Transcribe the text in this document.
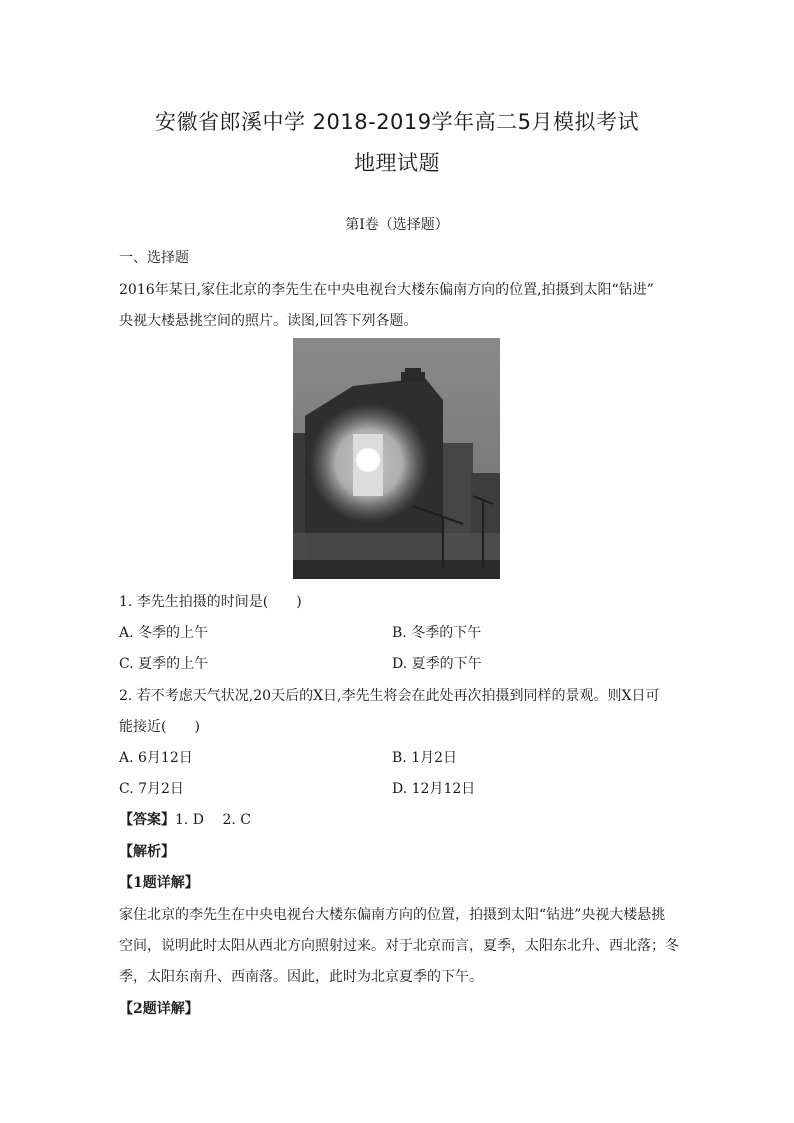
安徽省郎溪中学 2018-2019学年高二5月模拟考试
地理试题
第Ⅰ卷（选择题）
一、选择题
2016年某日,家住北京的李先生在中央电视台大楼东偏南方向的位置,拍摄到太阳“钻进”
央视大楼悬挑空间的照片。读图,回答下列各题。
1. 李先生拍摄的时间是(　　)
A. 冬季的上午	B. 冬季的下午
C. 夏季的上午	D. 夏季的下午
2. 若不考虑天气状况,20天后的X日,李先生将会在此处再次拍摄到同样的景观。则X日可
能接近(　　)
A. 6月12日	B. 1月2日
C. 7月2日	D. 12月12日
【答案】1. D　 2. C
【解析】
【1题详解】
家住北京的李先生在中央电视台大楼东偏南方向的位置，拍摄到太阳“钻进”央视大楼悬挑
空间，说明此时太阳从西北方向照射过来。对于北京而言，夏季，太阳东北升、西北落；冬
季，太阳东南升、西南落。因此，此时为北京夏季的下午。
【2题详解】
